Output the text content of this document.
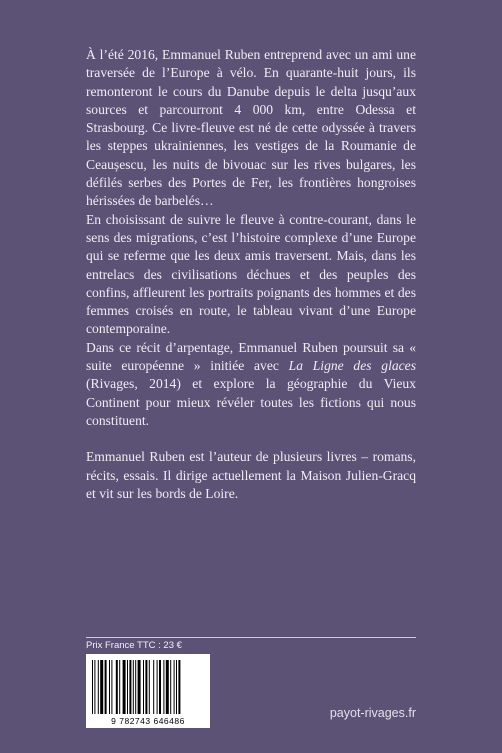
À l’été 2016, Emmanuel Ruben entreprend avec un ami une traversée de l’Europe à vélo. En quarante-huit jours, ils remonteront le cours du Danube depuis le delta jusqu’aux sources et parcourront 4 000 km, entre Odessa et Strasbourg. Ce livre-fleuve est né de cette odyssée à travers les steppes ukrainiennes, les vestiges de la Roumanie de Ceaușescu, les nuits de bivouac sur les rives bulgares, les défilés serbes des Portes de Fer, les frontières hongroises hérissées de barbelés…

En choisissant de suivre le fleuve à contre-courant, dans le sens des migrations, c’est l’histoire complexe d’une Europe qui se referme que les deux amis traversent. Mais, dans les entrelacs des civilisations déchues et des peuples des confins, affleurent les portraits poignants des hommes et des femmes croisés en route, le tableau vivant d’une Europe contemporaine.

Dans ce récit d’arpentage, Emmanuel Ruben poursuit sa « suite européenne » initiée avec La Ligne des glaces (Rivages, 2014) et explore la géographie du Vieux Continent pour mieux révéler toutes les fictions qui nous constituent.

Emmanuel Ruben est l’auteur de plusieurs livres – romans, récits, essais. Il dirige actuellement la Maison Julien-Gracq et vit sur les bords de Loire.

Prix France TTC : 23 €
9 782743 646486
payot-rivages.fr
